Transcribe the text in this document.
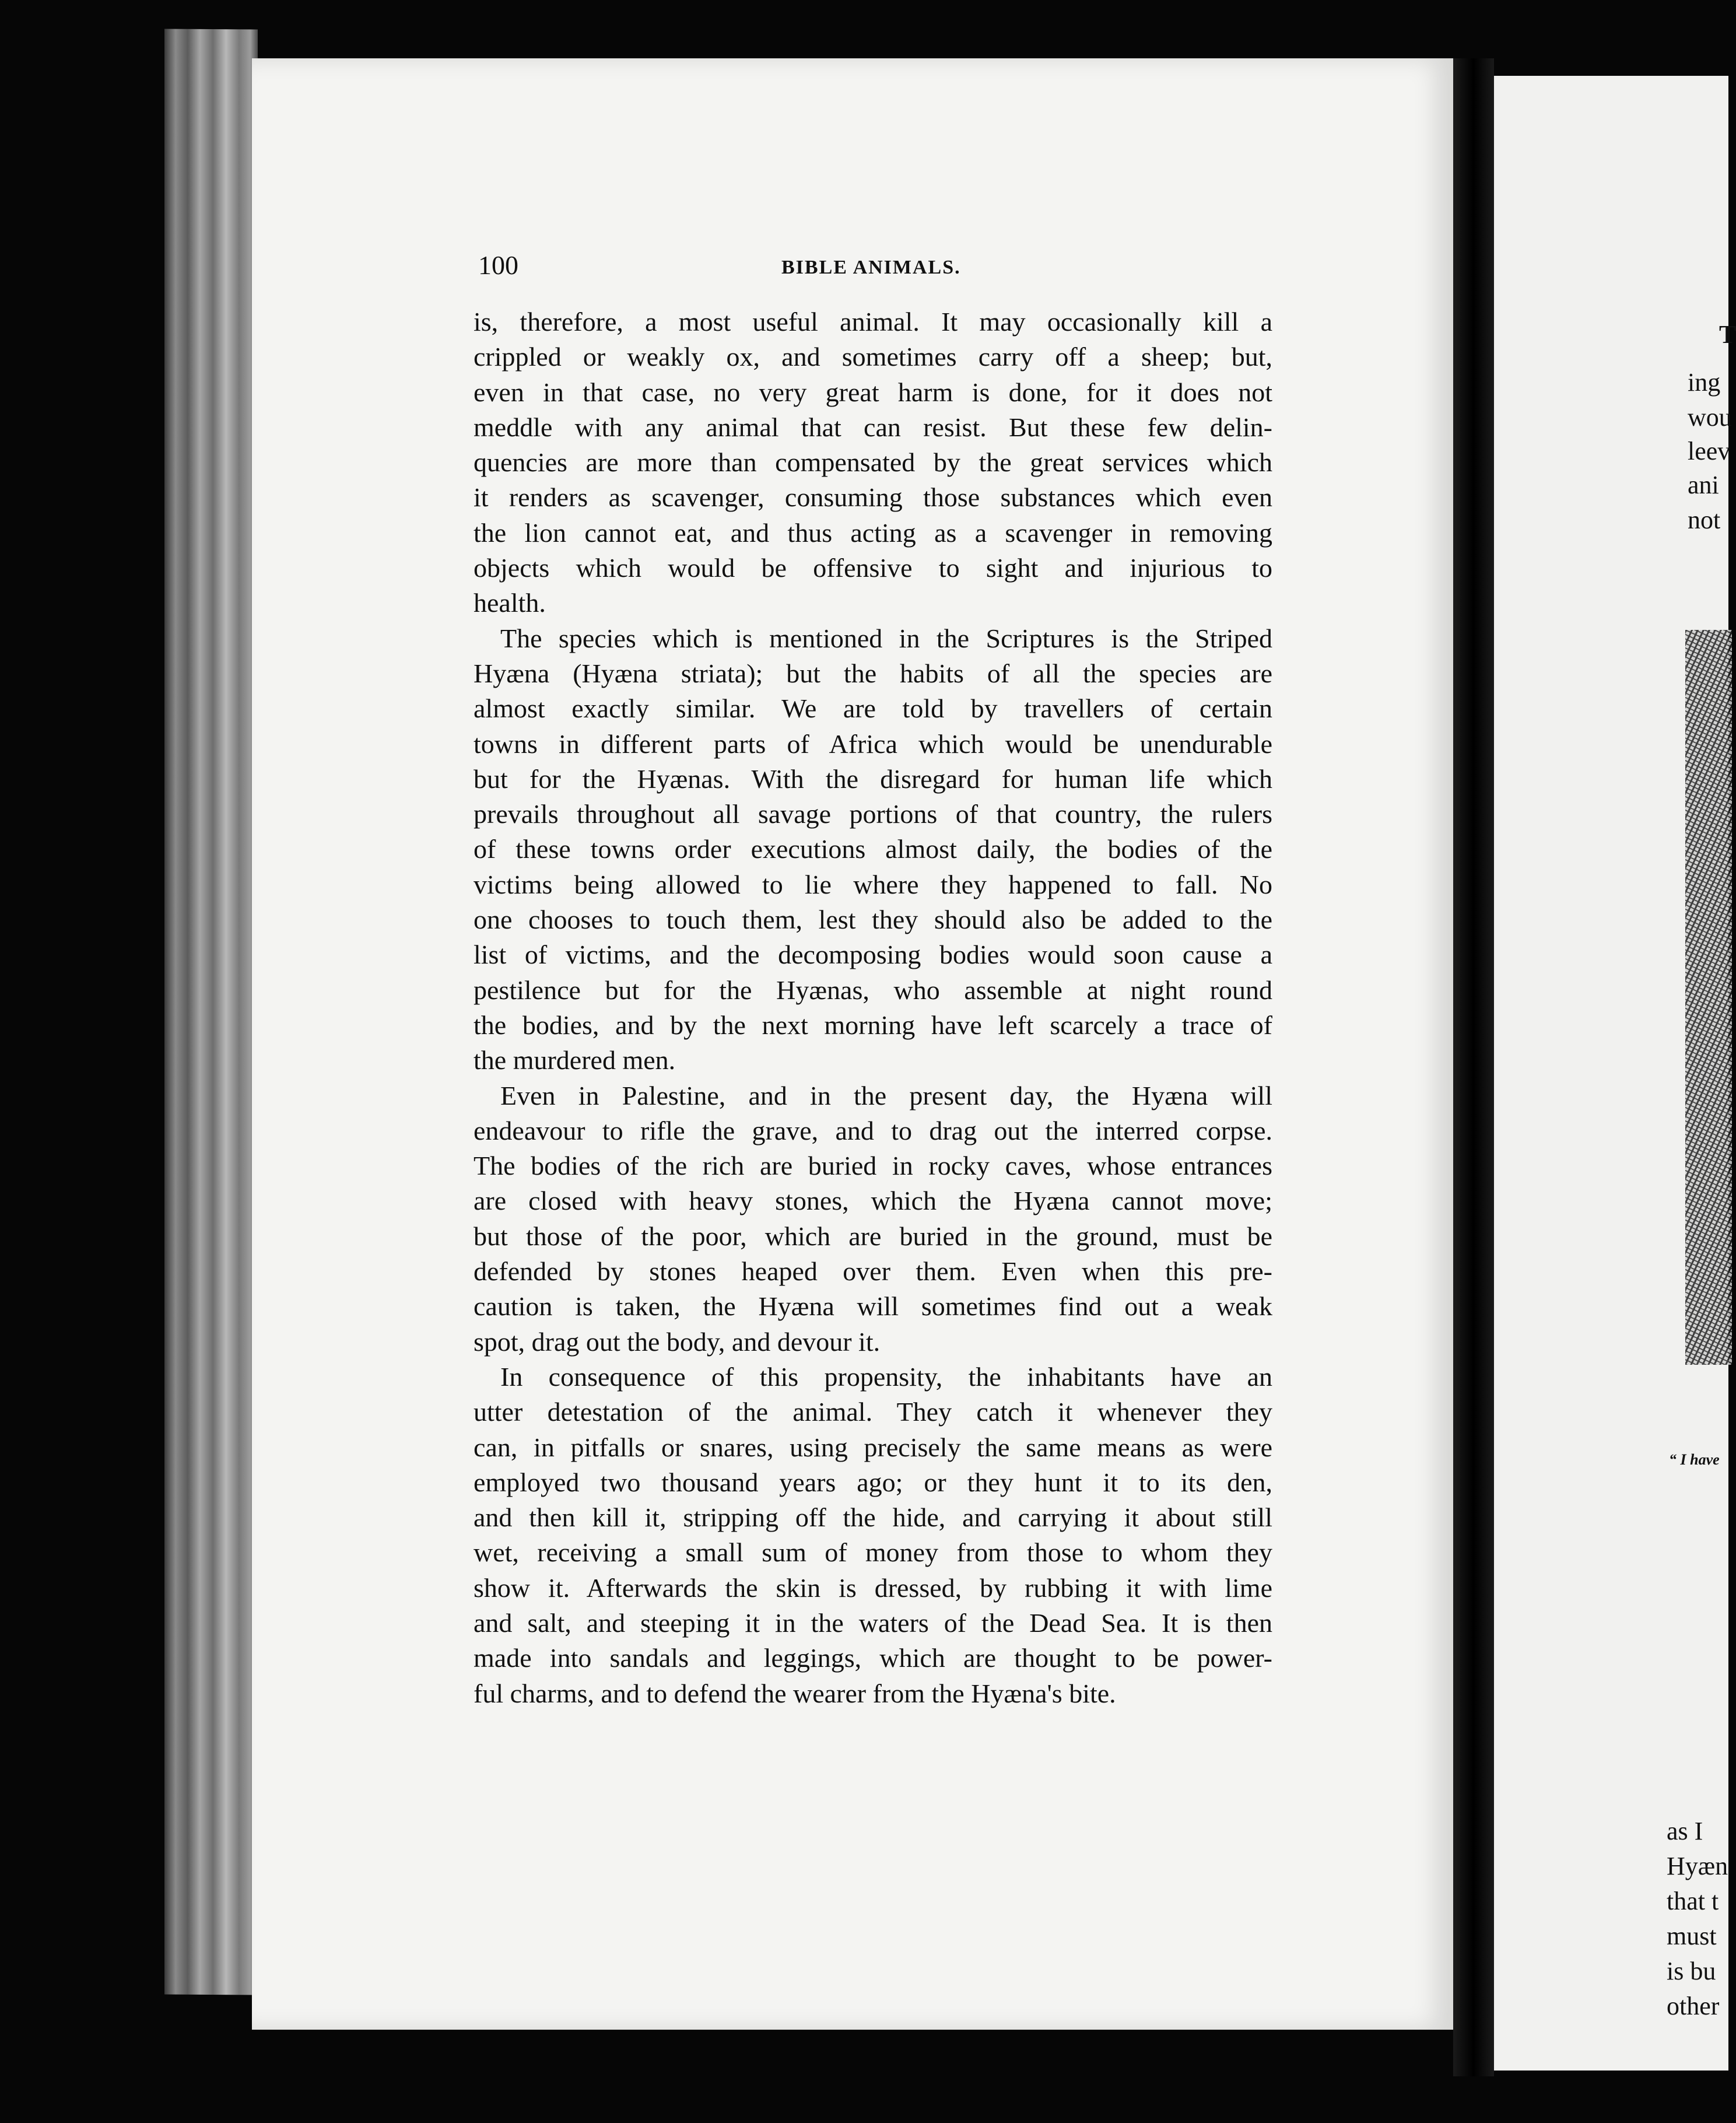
100	BIBLE ANIMALS.
is, therefore, a most useful animal. It may occasionally kill a
crippled or weakly ox, and sometimes carry off a sheep; but,
even in that case, no very great harm is done, for it does not
meddle with any animal that can resist. But these few delin-
quencies are more than compensated by the great services which
it renders as scavenger, consuming those substances which even
the lion cannot eat, and thus acting as a scavenger in removing
objects which would be offensive to sight and injurious to
health.
The species which is mentioned in the Scriptures is the Striped
Hyæna (Hyæna striata); but the habits of all the species are
almost exactly similar. We are told by travellers of certain
towns in different parts of Africa which would be unendurable
but for the Hyænas. With the disregard for human life which
prevails throughout all savage portions of that country, the rulers
of these towns order executions almost daily, the bodies of the
victims being allowed to lie where they happened to fall. No
one chooses to touch them, lest they should also be added to the
list of victims, and the decomposing bodies would soon cause a
pestilence but for the Hyænas, who assemble at night round
the bodies, and by the next morning have left scarcely a trace of
the murdered men.
Even in Palestine, and in the present day, the Hyæna will
endeavour to rifle the grave, and to drag out the interred corpse.
The bodies of the rich are buried in rocky caves, whose entrances
are closed with heavy stones, which the Hyæna cannot move;
but those of the poor, which are buried in the ground, must be
defended by stones heaped over them. Even when this pre-
caution is taken, the Hyæna will sometimes find out a weak
spot, drag out the body, and devour it.
In consequence of this propensity, the inhabitants have an
utter detestation of the animal. They catch it whenever they
can, in pitfalls or snares, using precisely the same means as were
employed two thousand years ago; or they hunt it to its den,
and then kill it, stripping off the hide, and carrying it about still
wet, receiving a small sum of money from those to whom they
show it. Afterwards the skin is dressed, by rubbing it with lime
and salt, and steeping it in the waters of the Dead Sea. It is then
made into sandals and leggings, which are thought to be power-
ful charms, and to defend the wearer from the Hyæna's bite.
T
ing
wou
leev
ani
not
“ I have
as I
Hyæn
that t
must
is bu
other
